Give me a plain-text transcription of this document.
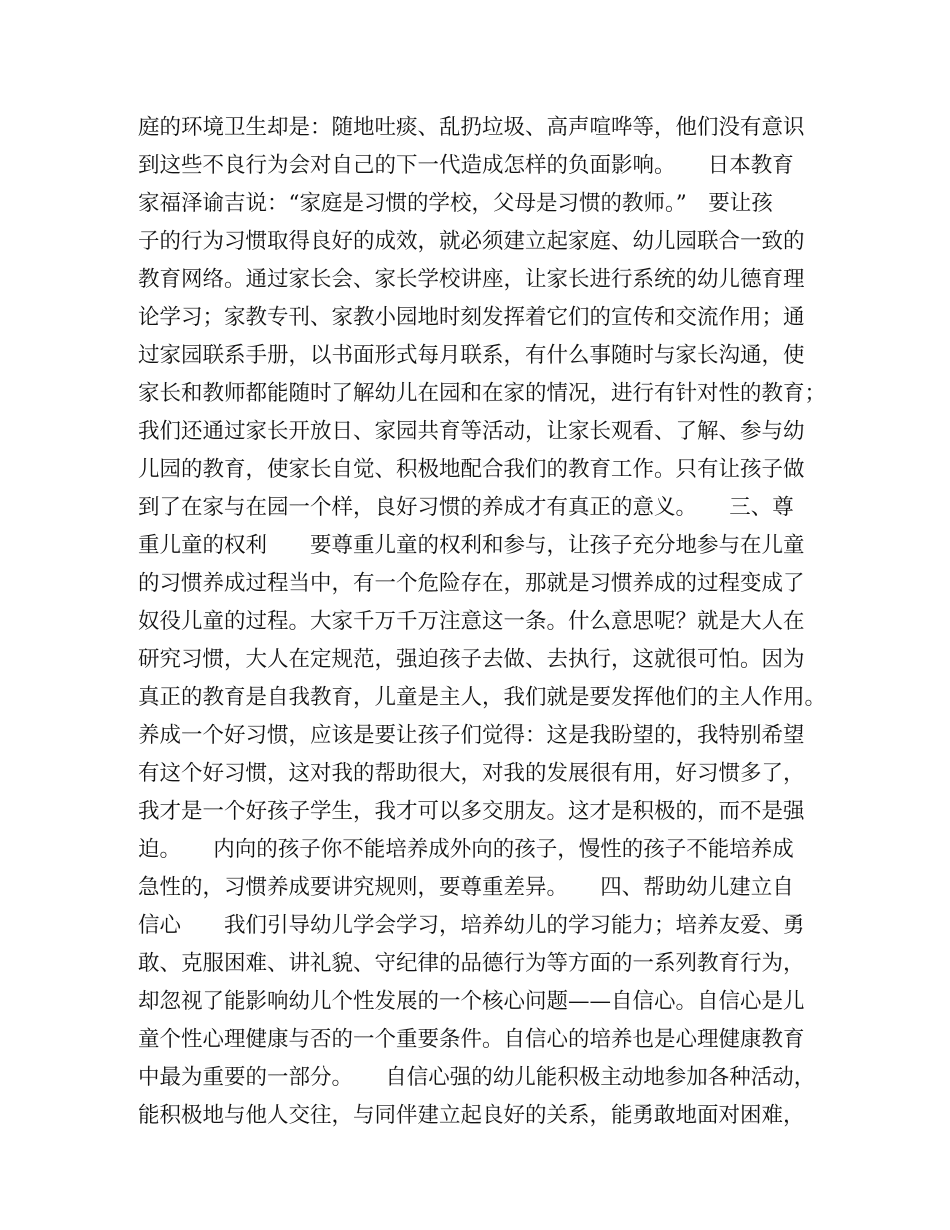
庭的环境卫生却是：随地吐痰、乱扔垃圾、高声喧哗等，他们没有意识
到这些不良行为会对自己的下一代造成怎样的负面影响。　　日本教育
家福泽谕吉说：“家庭是习惯的学校，父母是习惯的教师。”　要让孩
子的行为习惯取得良好的成效，就必须建立起家庭、幼儿园联合一致的
教育网络。通过家长会、家长学校讲座，让家长进行系统的幼儿德育理
论学习；家教专刊、家教小园地时刻发挥着它们的宣传和交流作用；通
过家园联系手册，以书面形式每月联系，有什么事随时与家长沟通，使
家长和教师都能随时了解幼儿在园和在家的情况，进行有针对性的教育；
我们还通过家长开放日、家园共育等活动，让家长观看、了解、参与幼
儿园的教育，使家长自觉、积极地配合我们的教育工作。只有让孩子做
到了在家与在园一个样，良好习惯的养成才有真正的意义。　　三、尊
重儿童的权利　　要尊重儿童的权利和参与，让孩子充分地参与在儿童
的习惯养成过程当中，有一个危险存在，那就是习惯养成的过程变成了
奴役儿童的过程。大家千万千万注意这一条。什么意思呢？就是大人在
研究习惯，大人在定规范，强迫孩子去做、去执行，这就很可怕。因为
真正的教育是自我教育，儿童是主人，我们就是要发挥他们的主人作用。
养成一个好习惯，应该是要让孩子们觉得：这是我盼望的，我特别希望
有这个好习惯，这对我的帮助很大，对我的发展很有用，好习惯多了，
我才是一个好孩子学生，我才可以多交朋友。这才是积极的，而不是强
迫。　　内向的孩子你不能培养成外向的孩子，慢性的孩子不能培养成
急性的，习惯养成要讲究规则，要尊重差异。　　四、帮助幼儿建立自
信心　　我们引导幼儿学会学习，培养幼儿的学习能力；培养友爱、勇
敢、克服困难、讲礼貌、守纪律的品德行为等方面的一系列教育行为，
却忽视了能影响幼儿个性发展的一个核心问题——自信心。自信心是儿
童个性心理健康与否的一个重要条件。自信心的培养也是心理健康教育
中最为重要的一部分。　　自信心强的幼儿能积极主动地参加各种活动，
能积极地与他人交往，与同伴建立起良好的关系，能勇敢地面对困难，
